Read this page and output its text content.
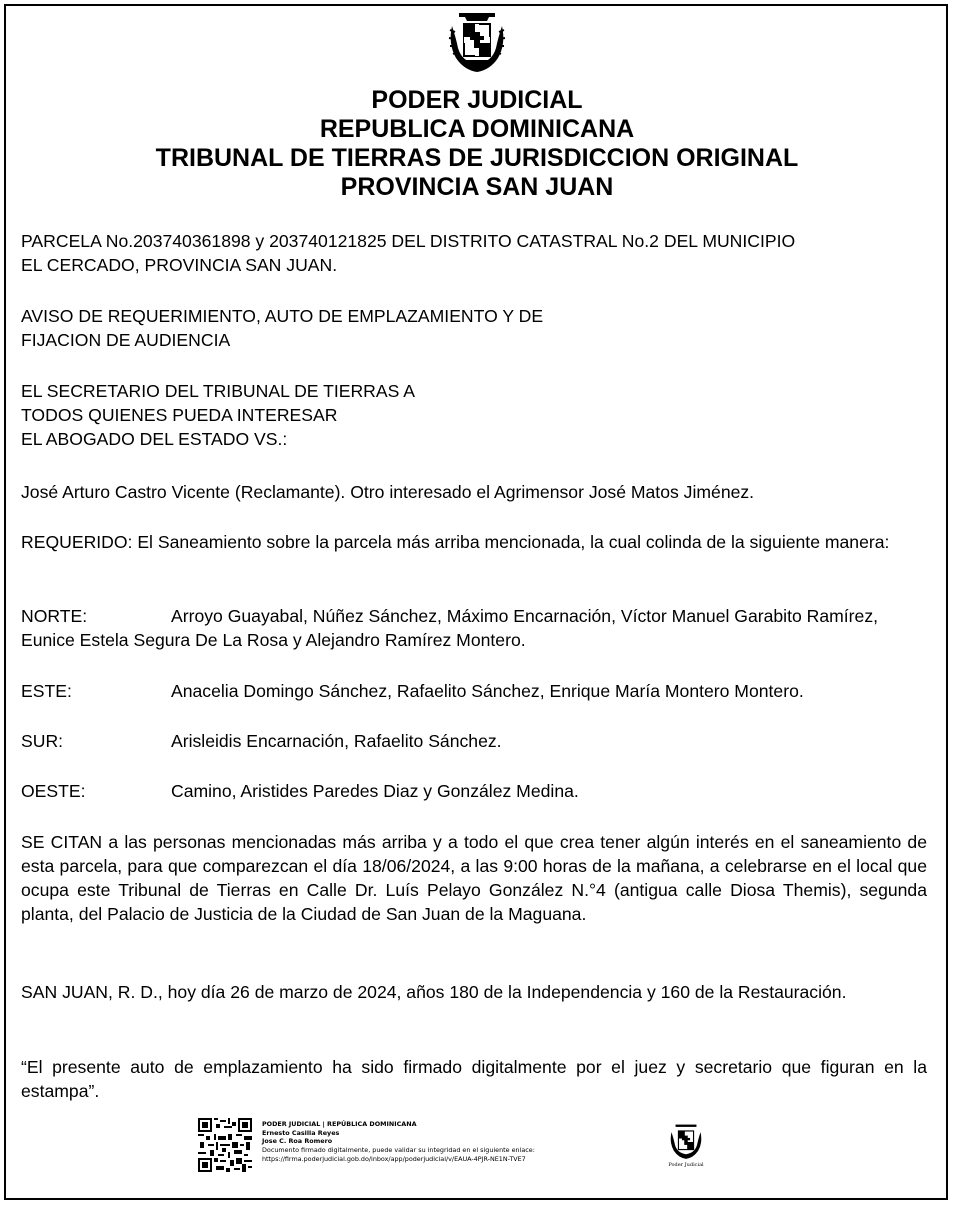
PODER JUDICIAL
REPUBLICA DOMINICANA
TRIBUNAL DE TIERRAS DE JURISDICCION ORIGINAL
PROVINCIA SAN JUAN
PARCELA No.203740361898 y 203740121825 DEL DISTRITO CATASTRAL No.2 DEL MUNICIPIO
EL CERCADO, PROVINCIA SAN JUAN.
AVISO DE REQUERIMIENTO, AUTO DE EMPLAZAMIENTO Y DE
FIJACION DE AUDIENCIA
EL SECRETARIO DEL TRIBUNAL DE TIERRAS A
TODOS QUIENES PUEDA INTERESAR
EL ABOGADO DEL ESTADO VS.:
José Arturo Castro Vicente (Reclamante). Otro interesado el Agrimensor José Matos Jiménez.
REQUERIDO: El Saneamiento sobre la parcela más arriba mencionada, la cual colinda de la siguiente manera:
NORTE:	Arroyo Guayabal, Núñez Sánchez, Máximo Encarnación, Víctor Manuel Garabito Ramírez, Eunice Estela Segura De La Rosa y Alejandro Ramírez Montero.
ESTE:	Anacelia Domingo Sánchez, Rafaelito Sánchez, Enrique María Montero Montero.
SUR:	Arisleidis Encarnación, Rafaelito Sánchez.
OESTE:	Camino, Aristides Paredes Diaz y González Medina.
SE CITAN a las personas mencionadas más arriba y a todo el que crea tener algún interés en el saneamiento de esta parcela, para que comparezcan el día 18/06/2024, a las 9:00 horas de la mañana, a celebrarse en el local que ocupa este Tribunal de Tierras en Calle Dr. Luís Pelayo González N.°4 (antigua calle Diosa Themis), segunda planta, del Palacio de Justicia de la Ciudad de San Juan de la Maguana.
SAN JUAN, R. D., hoy día 26 de marzo de 2024, años 180 de la Independencia y 160 de la Restauración.
“El presente auto de emplazamiento ha sido firmado digitalmente por el juez y secretario que figuran en la estampa”.
PODER JUDICIAL | REPÚBLICA DOMINICANA
Ernesto Casilla Reyes
Jose C. Roa Romero
Documento firmado digitalmente, puede validar su integridad en el siguiente enlace:
https://firma.poderjudicial.gob.do/inbox/app/poderjudicial/v/EAUA-4PJR-NE1N-TVE7
Poder Judicial
